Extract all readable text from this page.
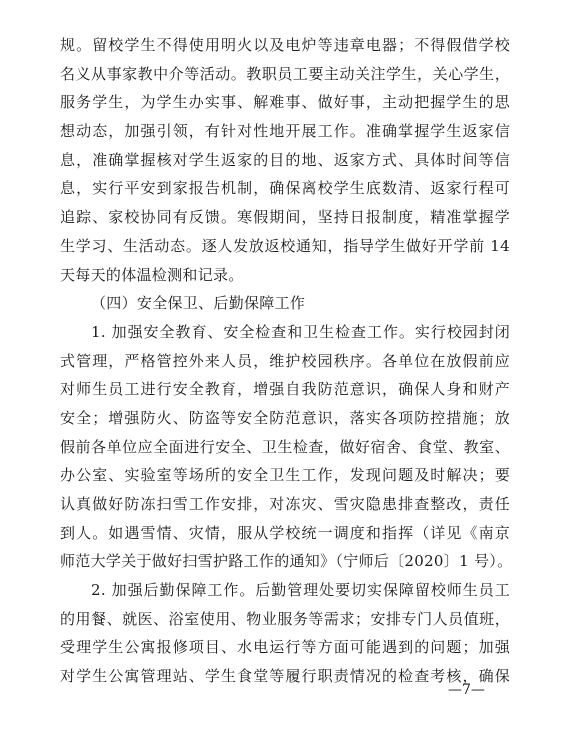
规。留校学生不得使用明火以及电炉等违章电器；不得假借学校
名义从事家教中介等活动。教职员工要主动关注学生，关心学生，
服务学生，为学生办实事、解难事、做好事，主动把握学生的思
想动态，加强引领，有针对性地开展工作。准确掌握学生返家信
息，准确掌握核对学生返家的目的地、返家方式、具体时间等信
息，实行平安到家报告机制，确保离校学生底数清、返家行程可
追踪、家校协同有反馈。寒假期间，坚持日报制度，精准掌握学
生学习、生活动态。逐人发放返校通知，指导学生做好开学前 14
天每天的体温检测和记录。
（四）安全保卫、后勤保障工作
1. 加强安全教育、安全检查和卫生检查工作。实行校园封闭
式管理，严格管控外来人员，维护校园秩序。各单位在放假前应
对师生员工进行安全教育，增强自我防范意识，确保人身和财产
安全；增强防火、防盗等安全防范意识，落实各项防控措施；放
假前各单位应全面进行安全、卫生检查，做好宿舍、食堂、教室、
办公室、实验室等场所的安全卫生工作，发现问题及时解决；要
认真做好防冻扫雪工作安排，对冻灾、雪灾隐患排查整改，责任
到人。如遇雪情、灾情，服从学校统一调度和指挥（详见《南京
师范大学关于做好扫雪护路工作的通知》（宁师后〔2020〕1 号）。
2. 加强后勤保障工作。后勤管理处要切实保障留校师生员工
的用餐、就医、浴室使用、物业服务等需求；安排专门人员值班，
受理学生公寓报修项目、水电运行等方面可能遇到的问题；加强
对学生公寓管理站、学生食堂等履行职责情况的检查考核，确保
—7—
